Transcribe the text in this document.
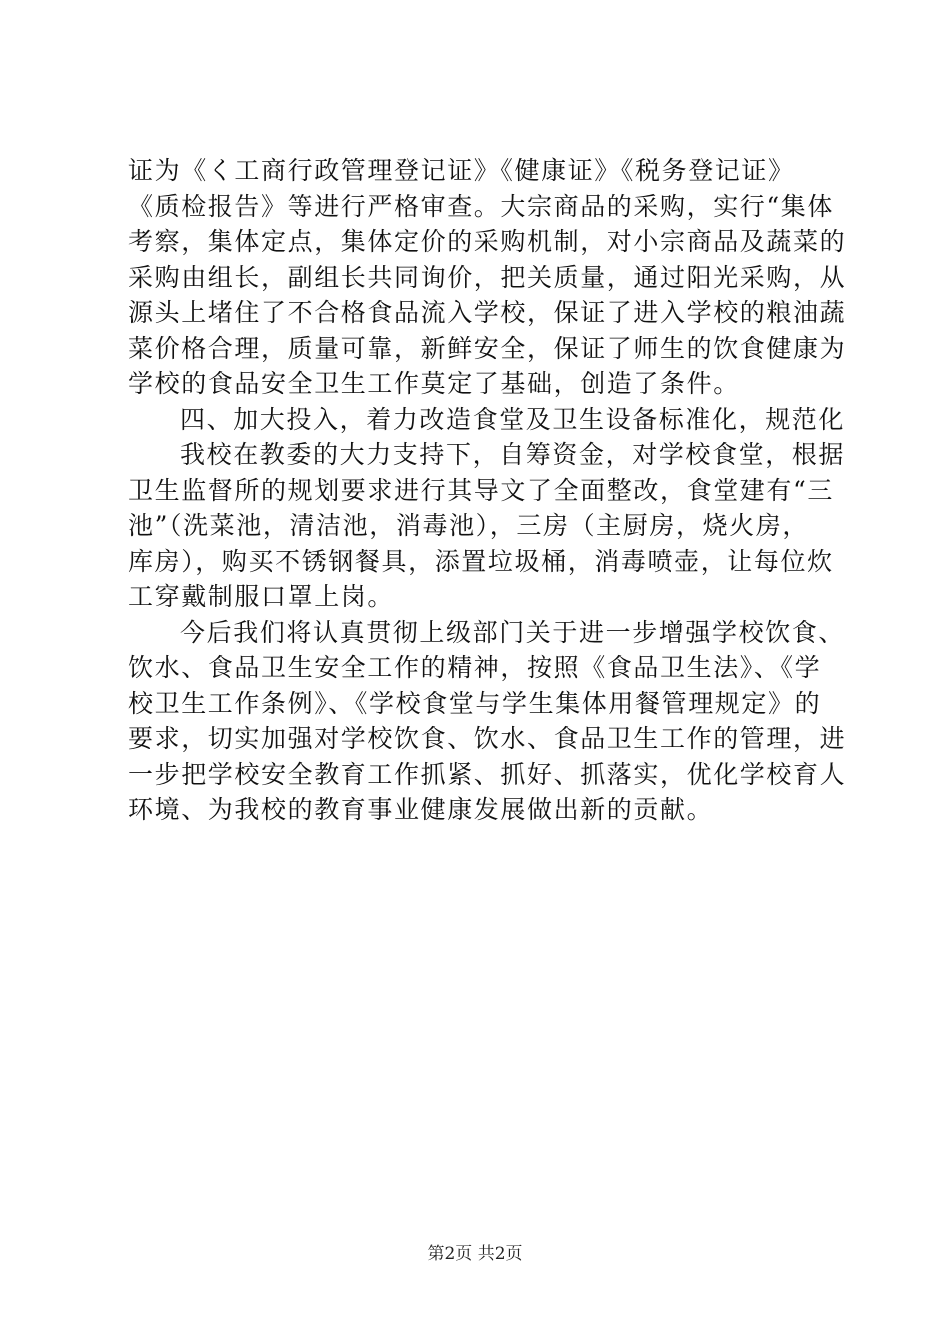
证为《く工商行政管理登记证》《健康证》《税务登记证》
《质检报告》等进行严格审查。大宗商品的采购，实行“集体
考察，集体定点，集体定价的采购机制，对小宗商品及蔬菜的
采购由组长，副组长共同询价，把关质量，通过阳光采购，从
源头上堵住了不合格食品流入学校，保证了进入学校的粮油蔬
菜价格合理，质量可靠，新鲜安全，保证了师生的饮食健康为
学校的食品安全卫生工作莫定了基础，创造了条件。
四、加大投入，着力改造食堂及卫生设备标准化，规范化
我校在教委的大力支持下，自筹资金，对学校食堂，根据
卫生监督所的规划要求进行其导文了全面整改，食堂建有“三
池”（洗菜池，清洁池，消毒池），三房（主厨房，烧火房，
库房），购买不锈钢餐具，添置垃圾桶，消毒喷壶，让每位炊
工穿戴制服口罩上岗。
今后我们将认真贯彻上级部门关于进一步增强学校饮食、
饮水、食品卫生安全工作的精神，按照《食品卫生法》、《学
校卫生工作条例》、《学校食堂与学生集体用餐管理规定》的
要求，切实加强对学校饮食、饮水、食品卫生工作的管理，进
一步把学校安全教育工作抓紧、抓好、抓落实，优化学校育人
环境、为我校的教育事业健康发展做出新的贡献。
第2页 共2页
